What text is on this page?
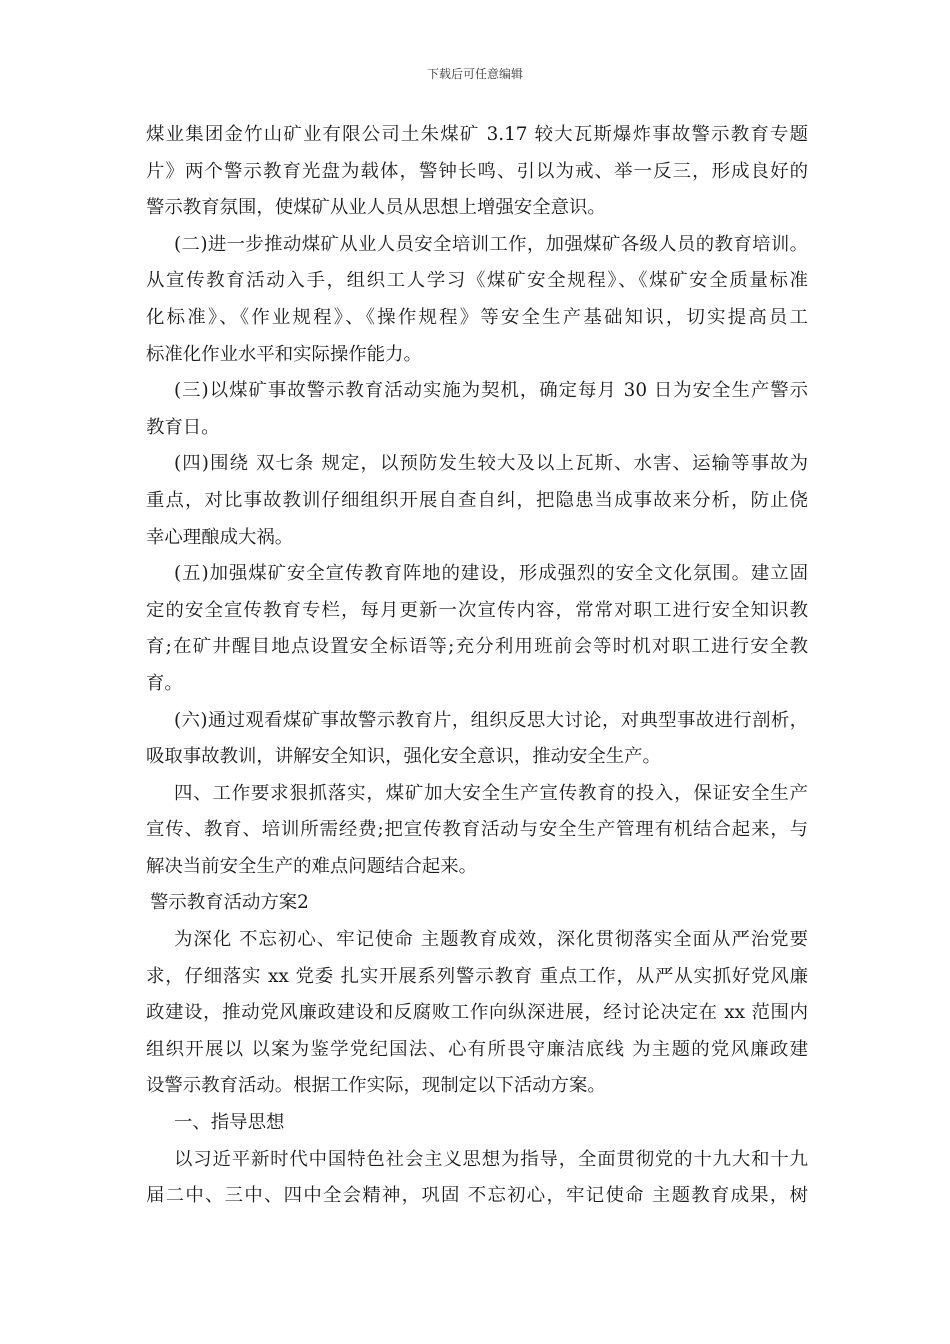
下载后可任意编辑
煤业集团金竹山矿业有限公司土朱煤矿 3.17 较大瓦斯爆炸事故警示教育专题
片》两个警示教育光盘为载体，警钟长鸣、引以为戒、举一反三，形成良好的
警示教育氛围，使煤矿从业人员从思想上增强安全意识。
(二)进一步推动煤矿从业人员安全培训工作，加强煤矿各级人员的教育培训。
从宣传教育活动入手，组织工人学习《煤矿安全规程》、《煤矿安全质量标准
化标准》、《作业规程》、《操作规程》等安全生产基础知识，切实提高员工
标准化作业水平和实际操作能力。
(三)以煤矿事故警示教育活动实施为契机，确定每月 30 日为安全生产警示
教育日。
(四)围绕 双七条 规定，以预防发生较大及以上瓦斯、水害、运输等事故为
重点，对比事故教训仔细组织开展自查自纠，把隐患当成事故来分析，防止侥
幸心理酿成大祸。
(五)加强煤矿安全宣传教育阵地的建设，形成强烈的安全文化氛围。建立固
定的安全宣传教育专栏，每月更新一次宣传内容，常常对职工进行安全知识教
育;在矿井醒目地点设置安全标语等;充分利用班前会等时机对职工进行安全教
育。
(六)通过观看煤矿事故警示教育片，组织反思大讨论，对典型事故进行剖析，
吸取事故教训，讲解安全知识，强化安全意识，推动安全生产。
四、工作要求狠抓落实，煤矿加大安全生产宣传教育的投入，保证安全生产
宣传、教育、培训所需经费;把宣传教育活动与安全生产管理有机结合起来，与
解决当前安全生产的难点问题结合起来。
警示教育活动方案2
为深化 不忘初心、牢记使命 主题教育成效，深化贯彻落实全面从严治党要
求，仔细落实 xx 党委 扎实开展系列警示教育 重点工作，从严从实抓好党风廉
政建设，推动党风廉政建设和反腐败工作向纵深进展，经讨论决定在 xx 范围内
组织开展以 以案为鉴学党纪国法、心有所畏守廉洁底线 为主题的党风廉政建
设警示教育活动。根据工作实际，现制定以下活动方案。
一、指导思想
以习近平新时代中国特色社会主义思想为指导，全面贯彻党的十九大和十九
届二中、三中、四中全会精神，巩固 不忘初心，牢记使命 主题教育成果，树
